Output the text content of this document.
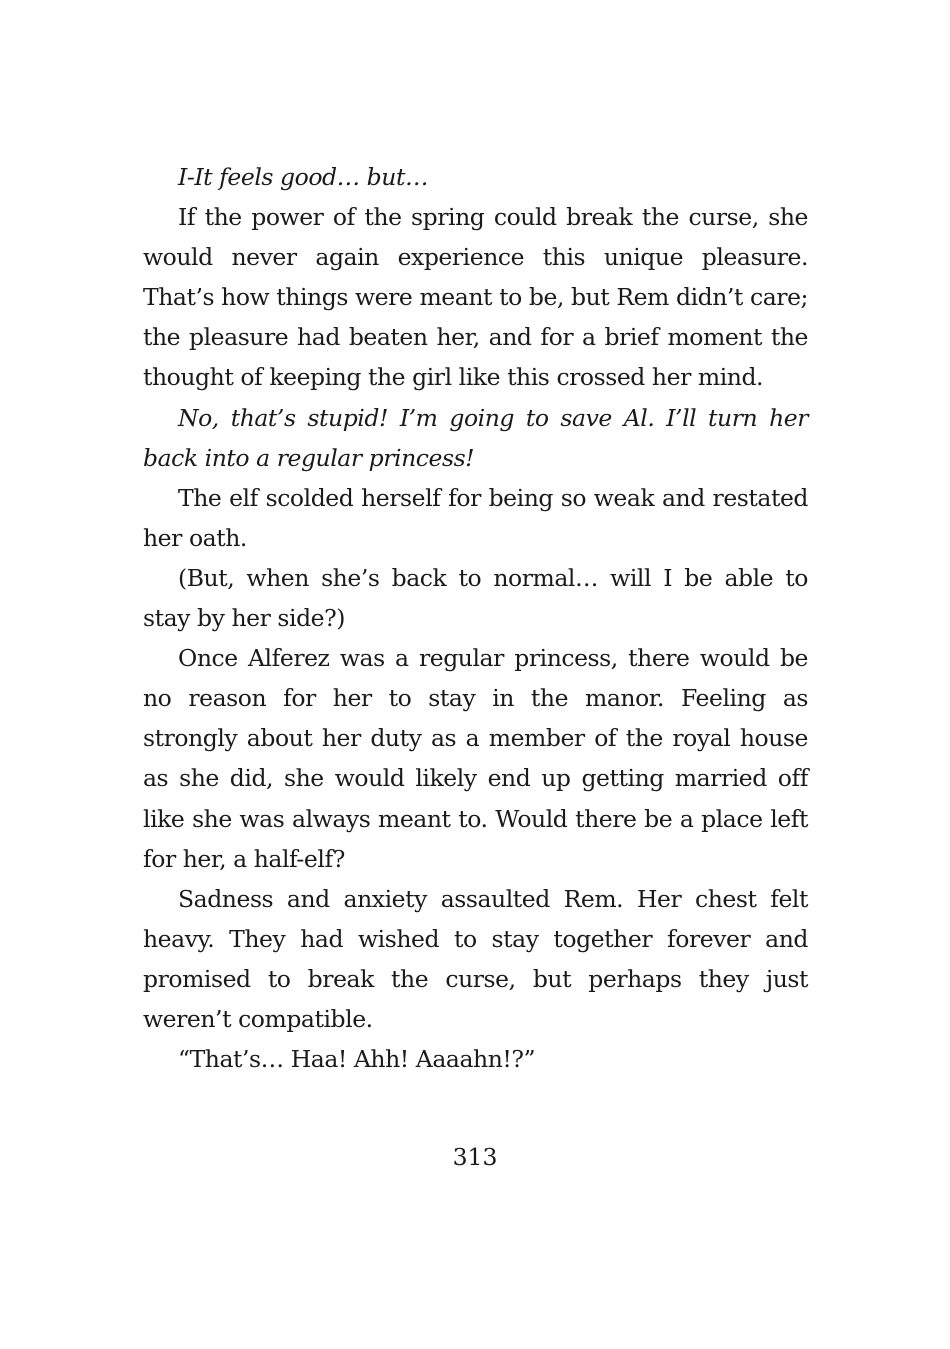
I-It feels good… but…

If the power of the spring could break the curse, she would never again experience this unique pleasure. That’s how things were meant to be, but Rem didn’t care; the pleasure had beaten her, and for a brief moment the thought of keeping the girl like this crossed her mind.

No, that’s stupid! I’m going to save Al. I’ll turn her back into a regular princess!

The elf scolded herself for being so weak and restated her oath.

(But, when she’s back to normal… will I be able to stay by her side?)

Once Alferez was a regular princess, there would be no reason for her to stay in the manor. Feeling as strongly about her duty as a member of the royal house as she did, she would likely end up getting married off like she was always meant to. Would there be a place left for her, a half-elf?

Sadness and anxiety assaulted Rem. Her chest felt heavy. They had wished to stay together forever and promised to break the curse, but perhaps they just weren’t compatible.

“That’s… Haa! Ahh! Aaaahn!?”

313
